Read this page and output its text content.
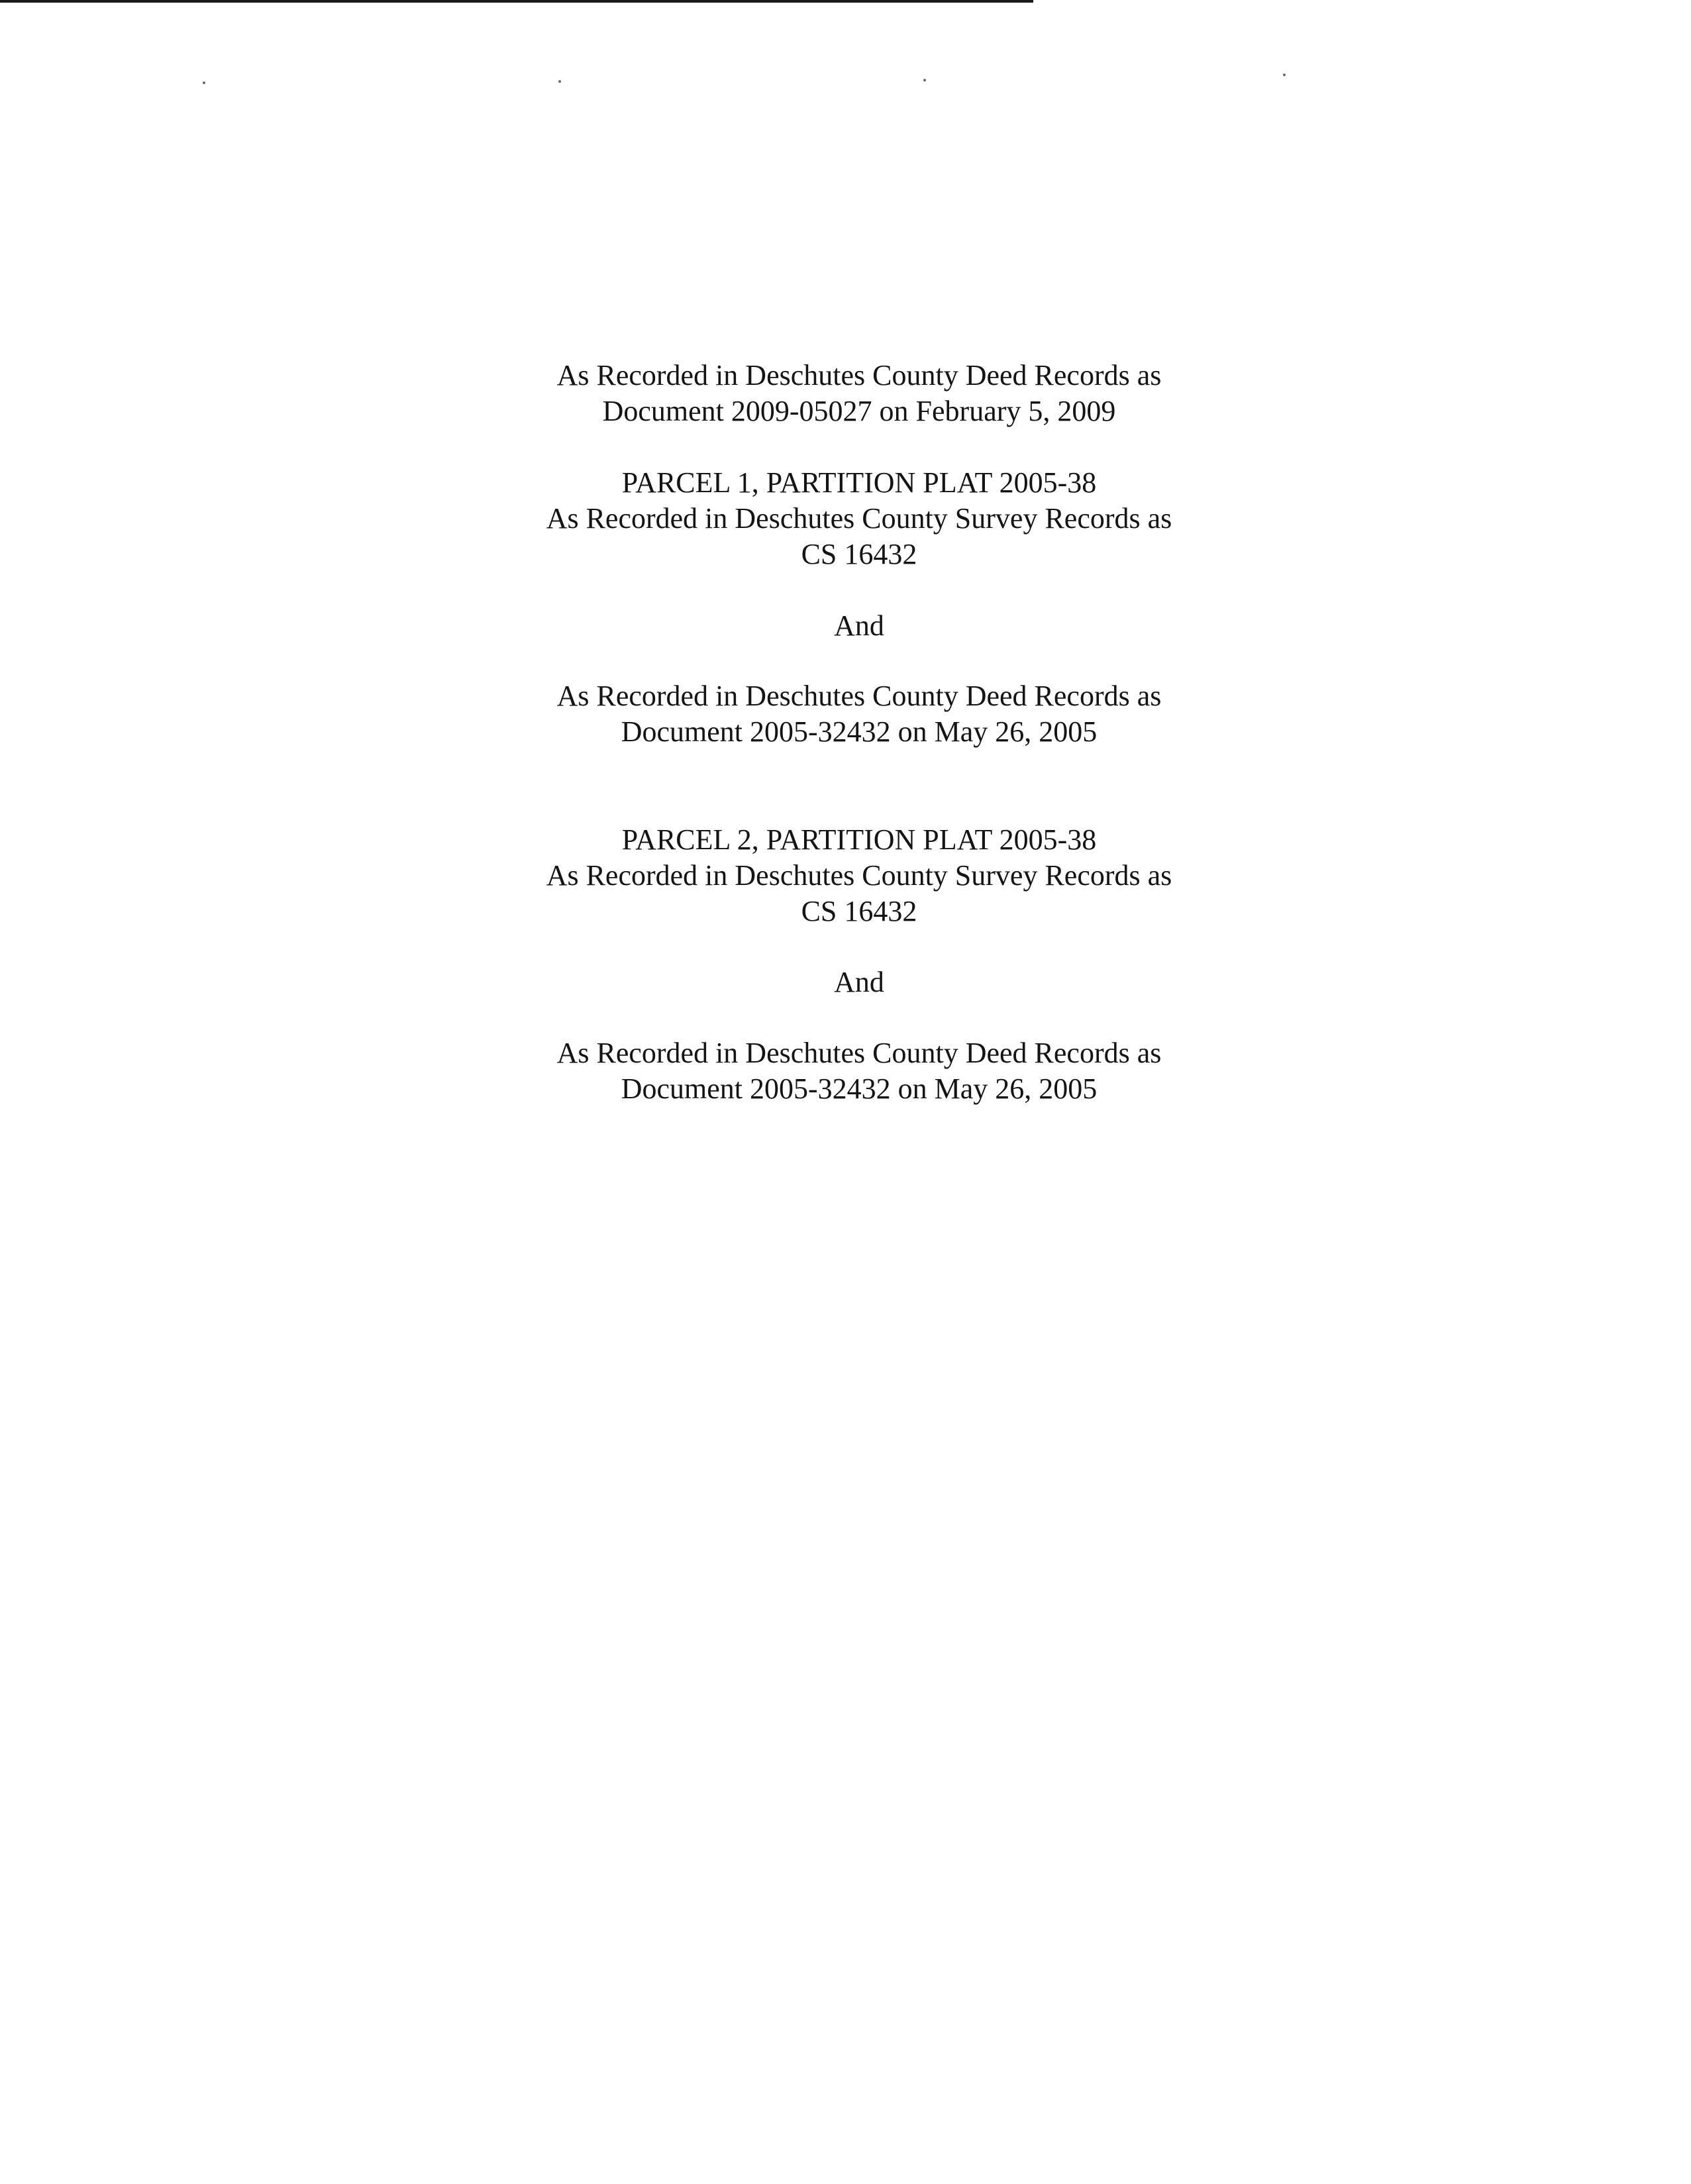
As Recorded in Deschutes County Deed Records as
Document 2009-05027 on February 5, 2009
PARCEL 1, PARTITION PLAT 2005-38
As Recorded in Deschutes County Survey Records as
CS 16432
And
As Recorded in Deschutes County Deed Records as
Document 2005-32432 on May 26, 2005
PARCEL 2, PARTITION PLAT 2005-38
As Recorded in Deschutes County Survey Records as
CS 16432
And
As Recorded in Deschutes County Deed Records as
Document 2005-32432 on May 26, 2005
